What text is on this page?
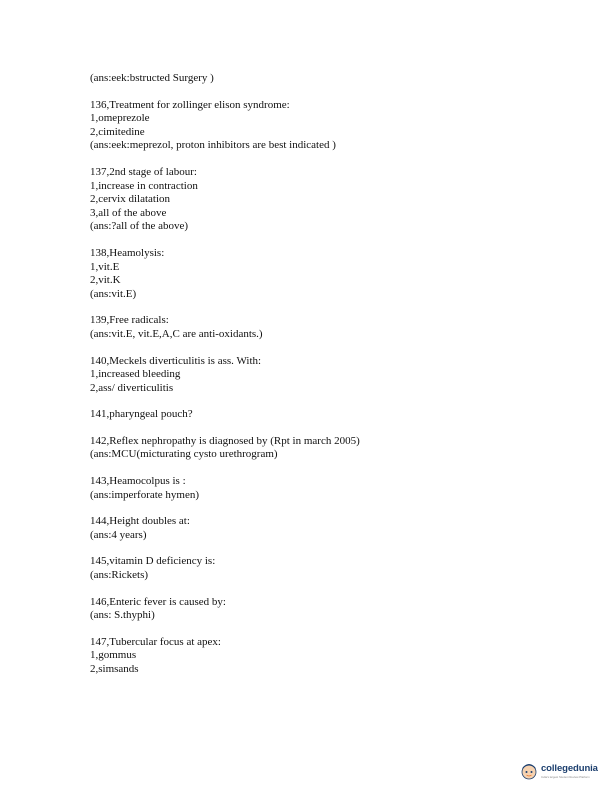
(ans:eek:bstructed Surgery )
136,Treatment for zollinger elison syndrome:
1,omeprezole
2,cimitedine
(ans:eek:meprezol, proton inhibitors are best indicated )
137,2nd stage of labour:
1,increase in contraction
2,cervix dilatation
3,all of the above
(ans:?all of the above)
138,Heamolysis:
1,vit.E
2,vit.K
(ans:vit.E)
139,Free radicals:
(ans:vit.E, vit.E,A,C are anti-oxidants.)
140,Meckels diverticulitis is ass. With:
1,increased bleeding
2,ass/ diverticulitis
141,pharyngeal pouch?
142,Reflex nephropathy is diagnosed by (Rpt in march 2005)
(ans:MCU(micturating cysto urethrogram)
143,Heamocolpus is :
(ans:imperforate hymen)
144,Height doubles at:
(ans:4 years)
145,vitamin D deficiency is:
(ans:Rickets)
146,Enteric fever is caused by:
(ans: S.thyphi)
147,Tubercular focus at apex:
1,gommus
2,simsands
collegedunia
India's largest Student Review Platform
